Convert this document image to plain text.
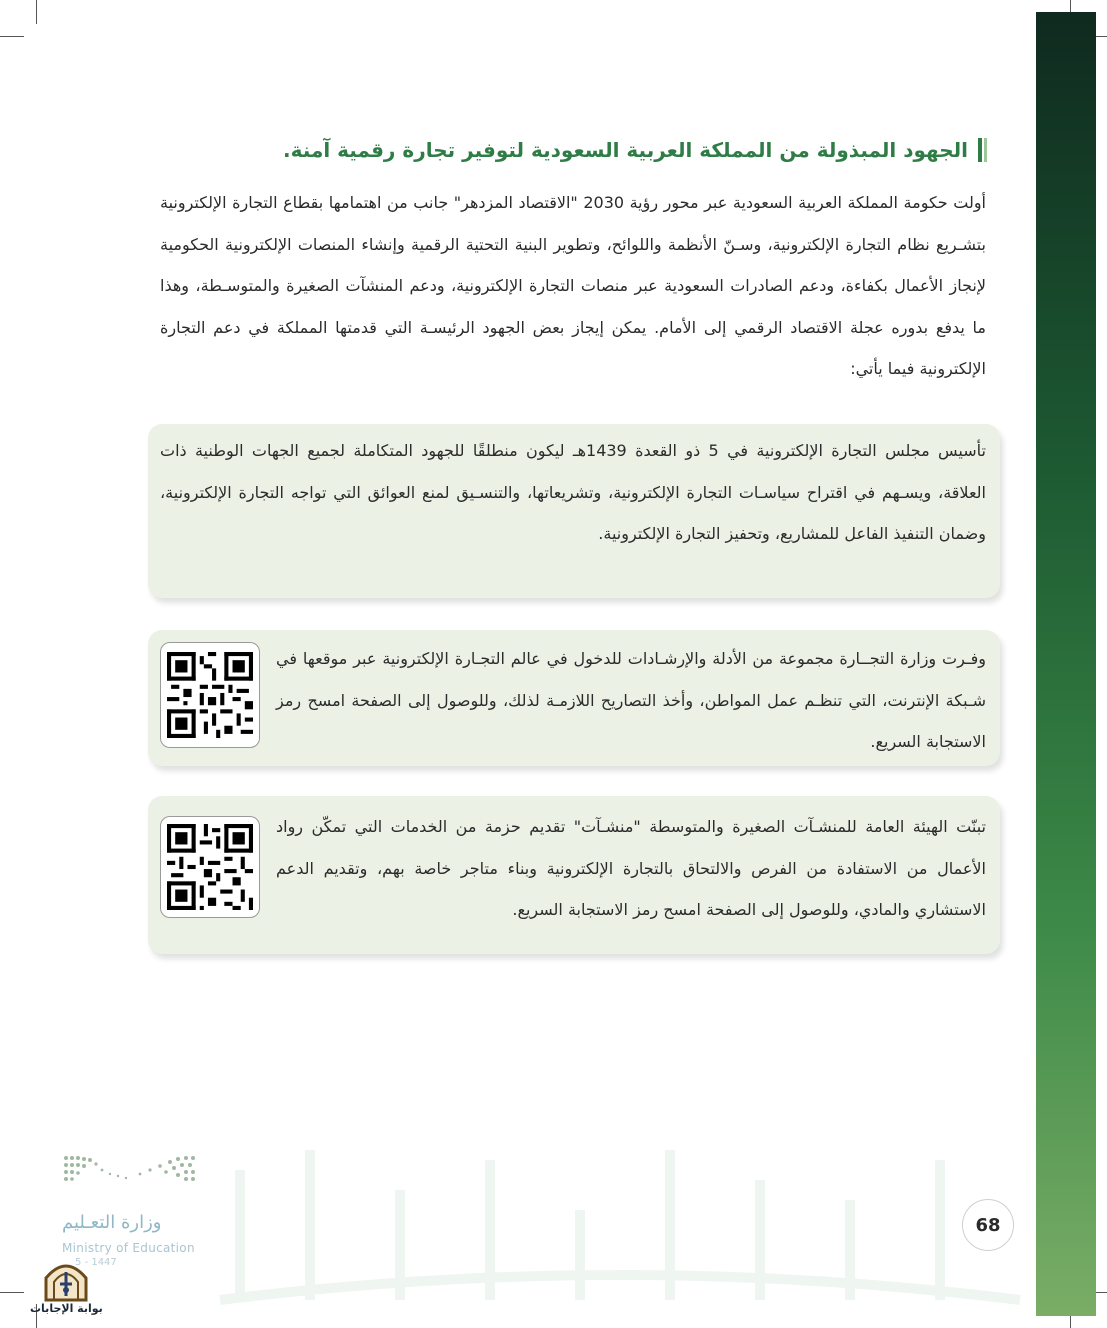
الجهود المبذولة من المملكة العربية السعودية لتوفير تجارة رقمية آمنة.
أولت حكومة المملكة العربية السعودية عبر محور رؤية 2030 "الاقتصاد المزدهر" جانب من اهتمامها بقطاع التجارة الإلكترونية بتشـريع نظام التجارة الإلكترونية، وسـنّ الأنظمة واللوائح، وتطوير البنية التحتية الرقمية وإنشاء المنصات الإلكترونية الحكومية لإنجاز الأعمال بكفاءة، ودعم الصادرات السعودية عبر منصات التجارة الإلكترونية، ودعم المنشآت الصغيرة والمتوسـطة، وهذا ما يدفع بدوره عجلة الاقتصاد الرقمي إلى الأمام. يمكن إيجاز بعض الجهود الرئيسـة التي قدمتها المملكة في دعم التجارة الإلكترونية فيما يأتي:
تأسيس مجلس التجارة الإلكترونية في 5 ذو القعدة 1439هـ ليكون منطلقًا للجهود المتكاملة لجميع الجهات الوطنية ذات العلاقة، ويسـهم في اقتراح سياسـات التجارة الإلكترونية، وتشريعاتها، والتنسـيق لمنع العوائق التي تواجه التجارة الإلكترونية، وضمان التنفيذ الفاعل للمشاريع، وتحفيز التجارة الإلكترونية.
وفـرت وزارة التجــارة مجموعة من الأدلة والإرشـادات للدخول في عالم التجـارة الإلكترونية عبر موقعها في شـبكة الإنترنت، التي تنظـم عمل المواطن، وأخذ التصاريح اللازمـة لذلك، وللوصول إلى الصفحة امسح رمز الاستجابة السريع.
تبنّت الهيئة العامة للمنشـآت الصغيرة والمتوسطة "منشـآت" تقديم حزمة من الخدمات التي تمكّن رواد الأعمال من الاستفادة من الفرص والالتحاق بالتجارة الإلكترونية وبناء متاجر خاصة بهم، وتقديم الدعم الاستشاري والمادي، وللوصول إلى الصفحة امسح رمز الاستجابة السريع.
وزارة التعـليم
Ministry of Education
5 - 1447
بوابة الإجابات
68
